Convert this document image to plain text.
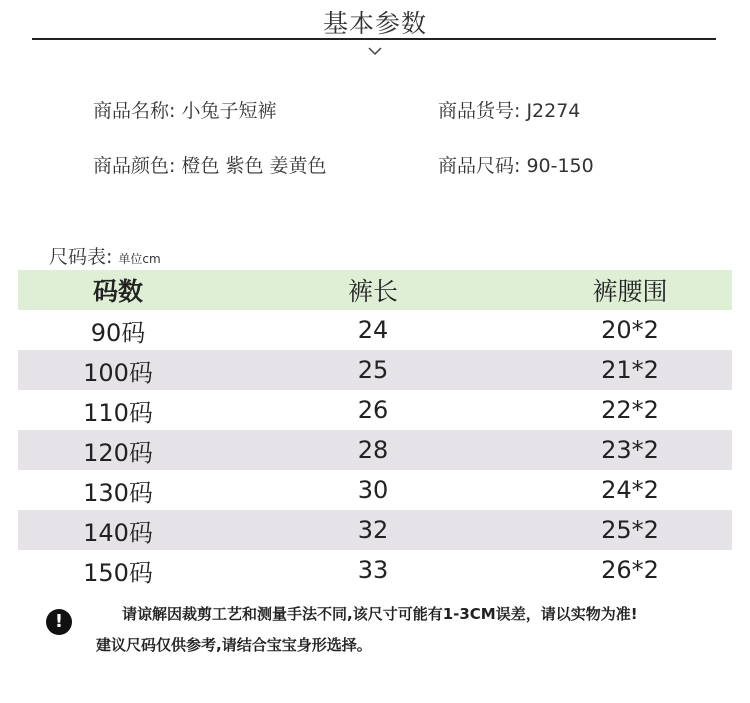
基本参数
商品名称: 小兔子短裤	商品货号: J2274
商品颜色: 橙色 紫色 姜黄色	商品尺码: 90-150
尺码表: 单位cm
码数	裤长	裤腰围
90码	24	20*2
100码	25	21*2
110码	26	22*2
120码	28	23*2
130码	30	24*2
140码	32	25*2
150码	33	26*2
!	请谅解因裁剪工艺和测量手法不同,该尺寸可能有1-3CM误差，请以实物为准!
建议尺码仅供参考,请结合宝宝身形选择。
